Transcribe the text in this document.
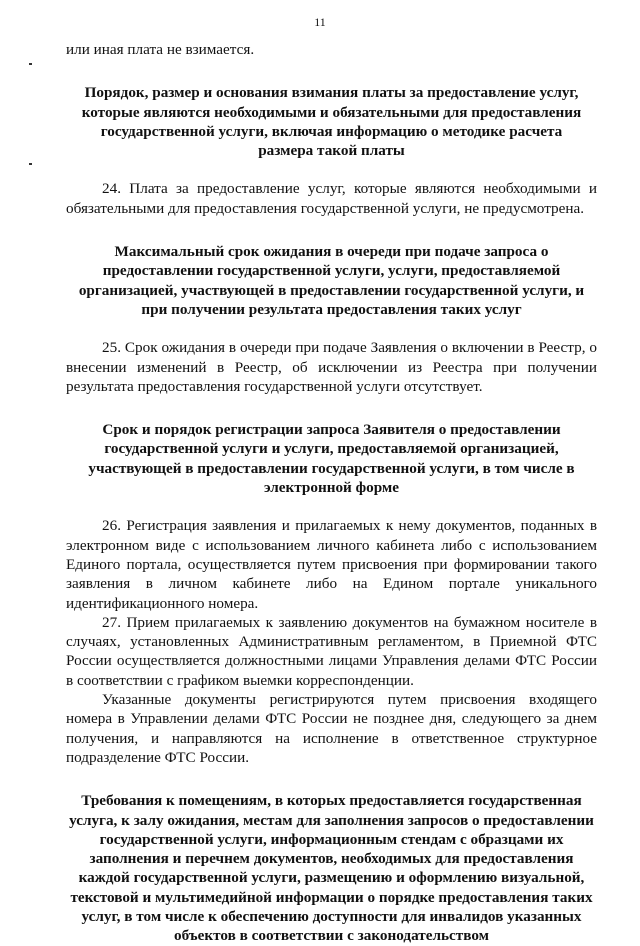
11

или иная плата не взимается.

Порядок, размер и основания взимания платы за предоставление услуг, которые являются необходимыми и обязательными для предоставления государственной услуги, включая информацию о методике расчета размера такой платы

24. Плата за предоставление услуг, которые являются необходимыми и обязательными для предоставления государственной услуги, не предусмотрена.

Максимальный срок ожидания в очереди при подаче запроса о предоставлении государственной услуги, услуги, предоставляемой организацией, участвующей в предоставлении государственной услуги, и при получении результата предоставления таких услуг

25. Срок ожидания в очереди при подаче Заявления о включении в Реестр, о внесении изменений в Реестр, об исключении из Реестра при получении результата предоставления государственной услуги отсутствует.

Срок и порядок регистрации запроса Заявителя о предоставлении государственной услуги и услуги, предоставляемой организацией, участвующей в предоставлении государственной услуги, в том числе в электронной форме

26. Регистрация заявления и прилагаемых к нему документов, поданных в электронном виде с использованием личного кабинета либо с использованием Единого портала, осуществляется путем присвоения при формировании такого заявления в личном кабинете либо на Едином портале уникального идентификационного номера.

27. Прием прилагаемых к заявлению документов на бумажном носителе в случаях, установленных Административным регламентом, в Приемной ФТС России осуществляется должностными лицами Управления делами ФТС России в соответствии с графиком выемки корреспонденции.

Указанные документы регистрируются путем присвоения входящего номера в Управлении делами ФТС России не позднее дня, следующего за днем получения, и направляются на исполнение в ответственное структурное подразделение ФТС России.

Требования к помещениям, в которых предоставляется государственная услуга, к залу ожидания, местам для заполнения запросов о предоставлении государственной услуги, информационным стендам с образцами их заполнения и перечнем документов, необходимых для предоставления каждой государственной услуги, размещению и оформлению визуальной, текстовой и мультимедийной информации о порядке предоставления таких услуг, в том числе к обеспечению доступности для инвалидов указанных объектов в соответствии с законодательством
